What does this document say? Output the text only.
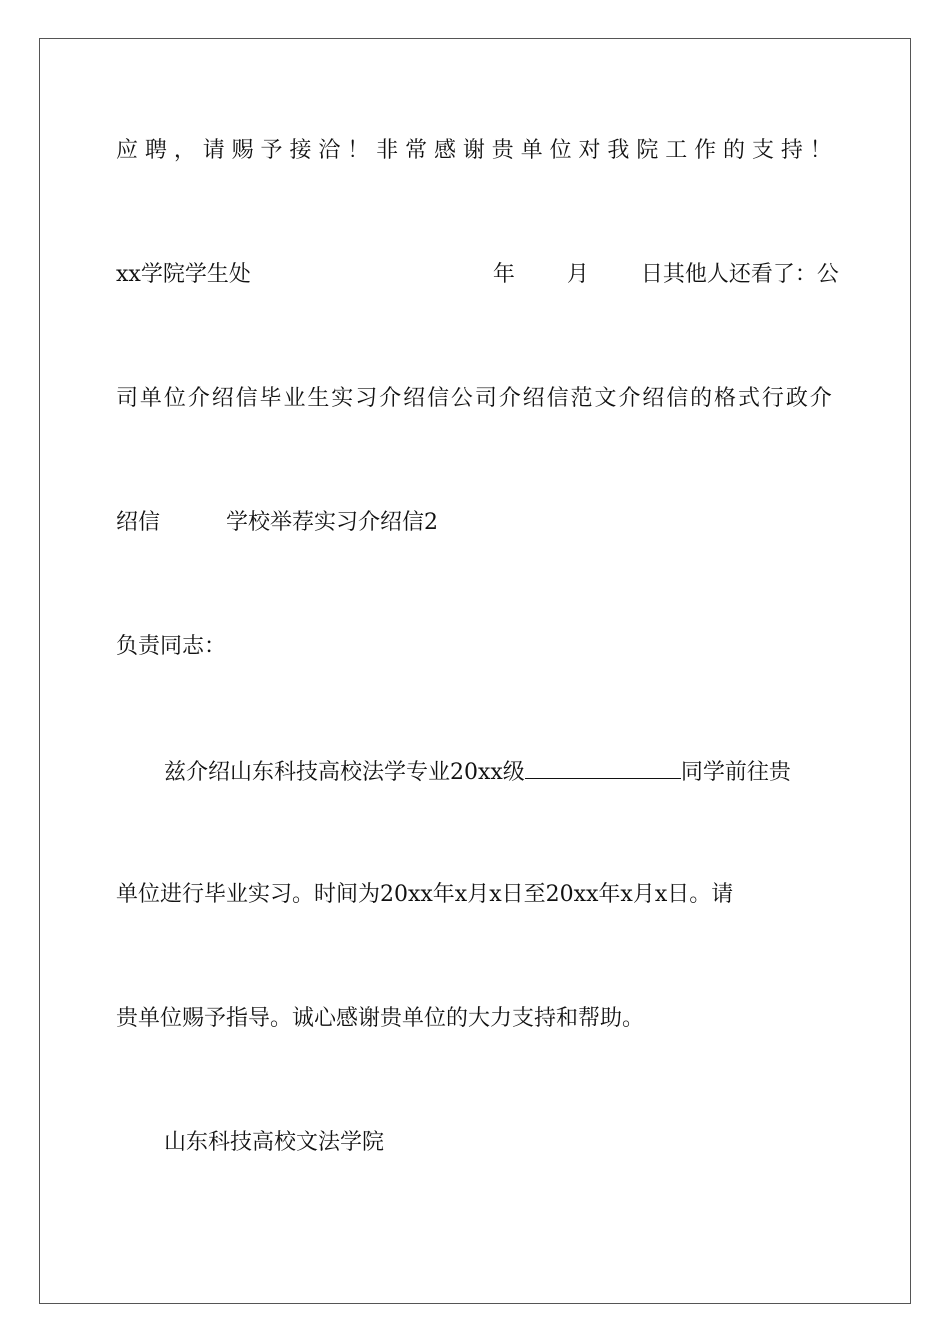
应 聘 ， 请 赐 予 接 洽 ！ 非 常 感 谢 贵 单 位 对 我 院 工 作 的 支 持 ！
xx学院学生处	年 月 日其他人还看了：公
司 单 位 介 绍 信 毕 业 生 实 习 介 绍 信 公 司 介 绍 信 范 文 介 绍 信 的 格 式 行 政 介
绍信	学校举荐实习介绍信2
负责同志：
兹介绍山东科技高校法学专业20xx级	同学前往贵
单位进行毕业实习。时间为20xx年x月x日至20xx年x月x日。请
贵单位赐予指导。诚心感谢贵单位的大力支持和帮助。
山东科技高校文法学院
